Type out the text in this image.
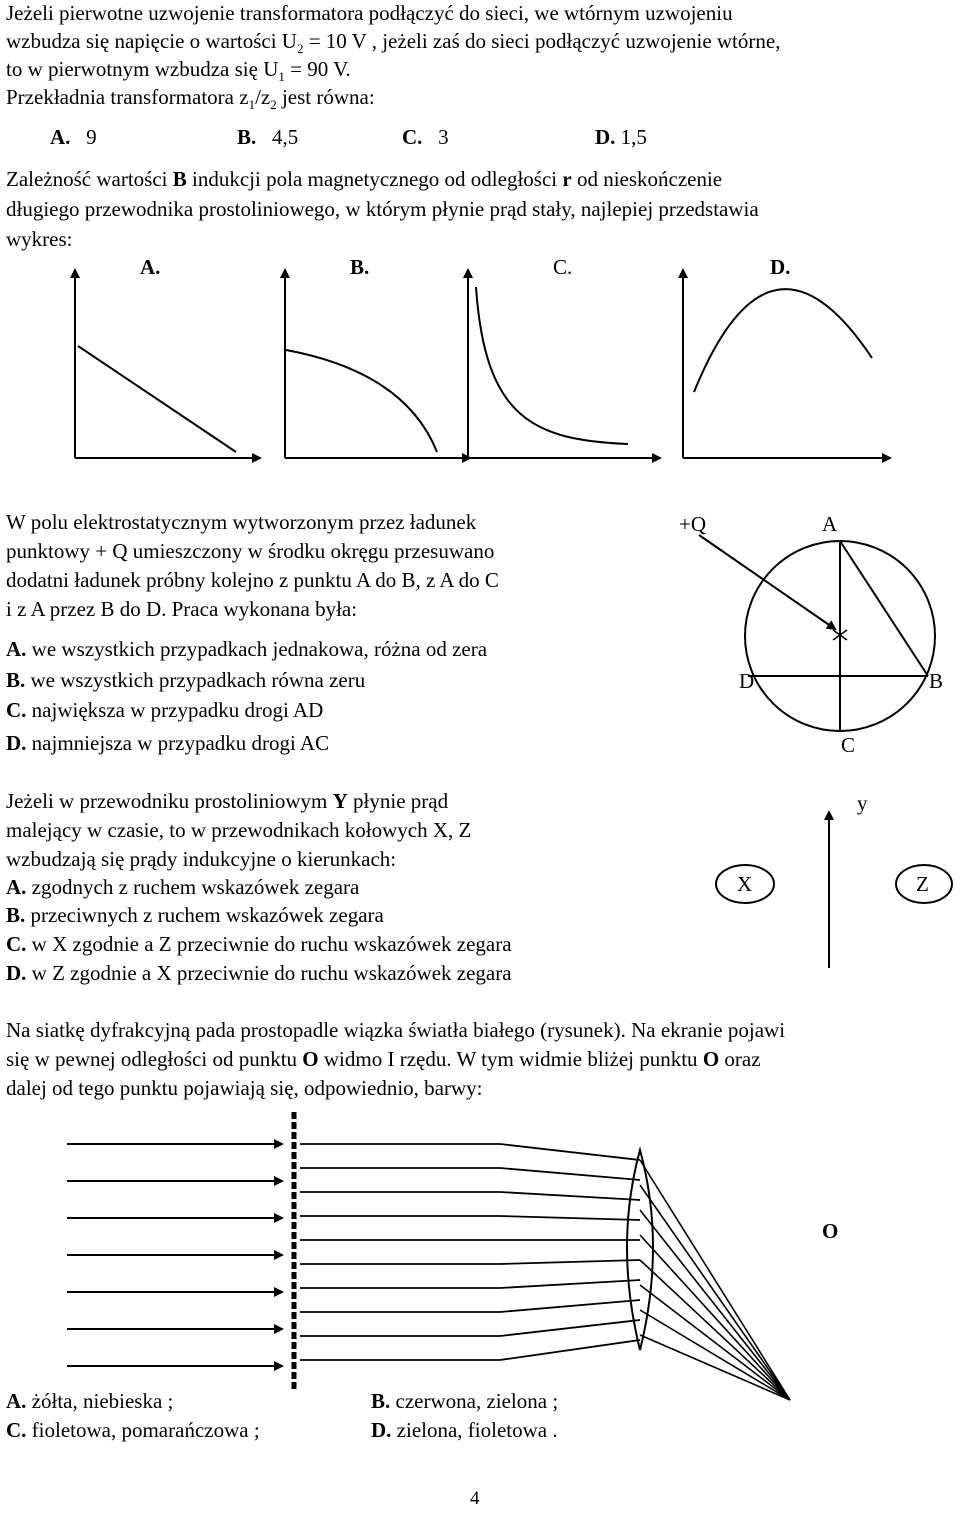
Jeżeli pierwotne uzwojenie transformatora podłączyć do sieci, we wtórnym uzwojeniu

wzbudza się napięcie o wartości $U_2 = 10$ V , jeżeli zaś do sieci podłączyć uzwojenie wtórne,

to w pierwotnym wzbudza się $U_1 = 90$ V.

Przekładnia transformatora $z_1/z_2$ jest równa:

A. 9	B. 4,5	C. 3	D. 1,5

Zależność wartości B indukcji pola magnetycznego od odległości r od nieskończenie

długiego przewodnika prostoliniowego, w którym płynie prąd stały, najlepiej przedstawia

wykres:

A.	B.	C.	D.

+Q	A
B
C
D
y
X	Z
O

W polu elektrostatycznym wytworzonym przez ładunek

punktowy + Q umieszczony w środku okręgu przesuwano

dodatni ładunek próbny kolejno z punktu A do B, z A do C

i z A przez B do D. Praca wykonana była:

A. we wszystkich przypadkach jednakowa, różna od zera

B. we wszystkich przypadkach równa zeru

C. największa w przypadku drogi AD

D. najmniejsza w przypadku drogi AC

Jeżeli w przewodniku prostoliniowym Y płynie prąd

malejący w czasie, to w przewodnikach kołowych X, Z

wzbudzają się prądy indukcyjne o kierunkach:

A. zgodnych z ruchem wskazówek zegara

B. przeciwnych z ruchem wskazówek zegara

C. w X zgodnie a Z przeciwnie do ruchu wskazówek zegara

D. w Z zgodnie a X przeciwnie do ruchu wskazówek zegara

Na siatkę dyfrakcyjną pada prostopadle wiązka światła białego (rysunek). Na ekranie pojawi

się w pewnej odległości od punktu O widmo I rzędu. W tym widmie bliżej punktu O oraz

dalej od tego punktu pojawiają się, odpowiednio, barwy:

A. żółta, niebieska ;	B. czerwona, zielona ;

C. fioletowa, pomarańczowa ;	D. zielona, fioletowa .

4
